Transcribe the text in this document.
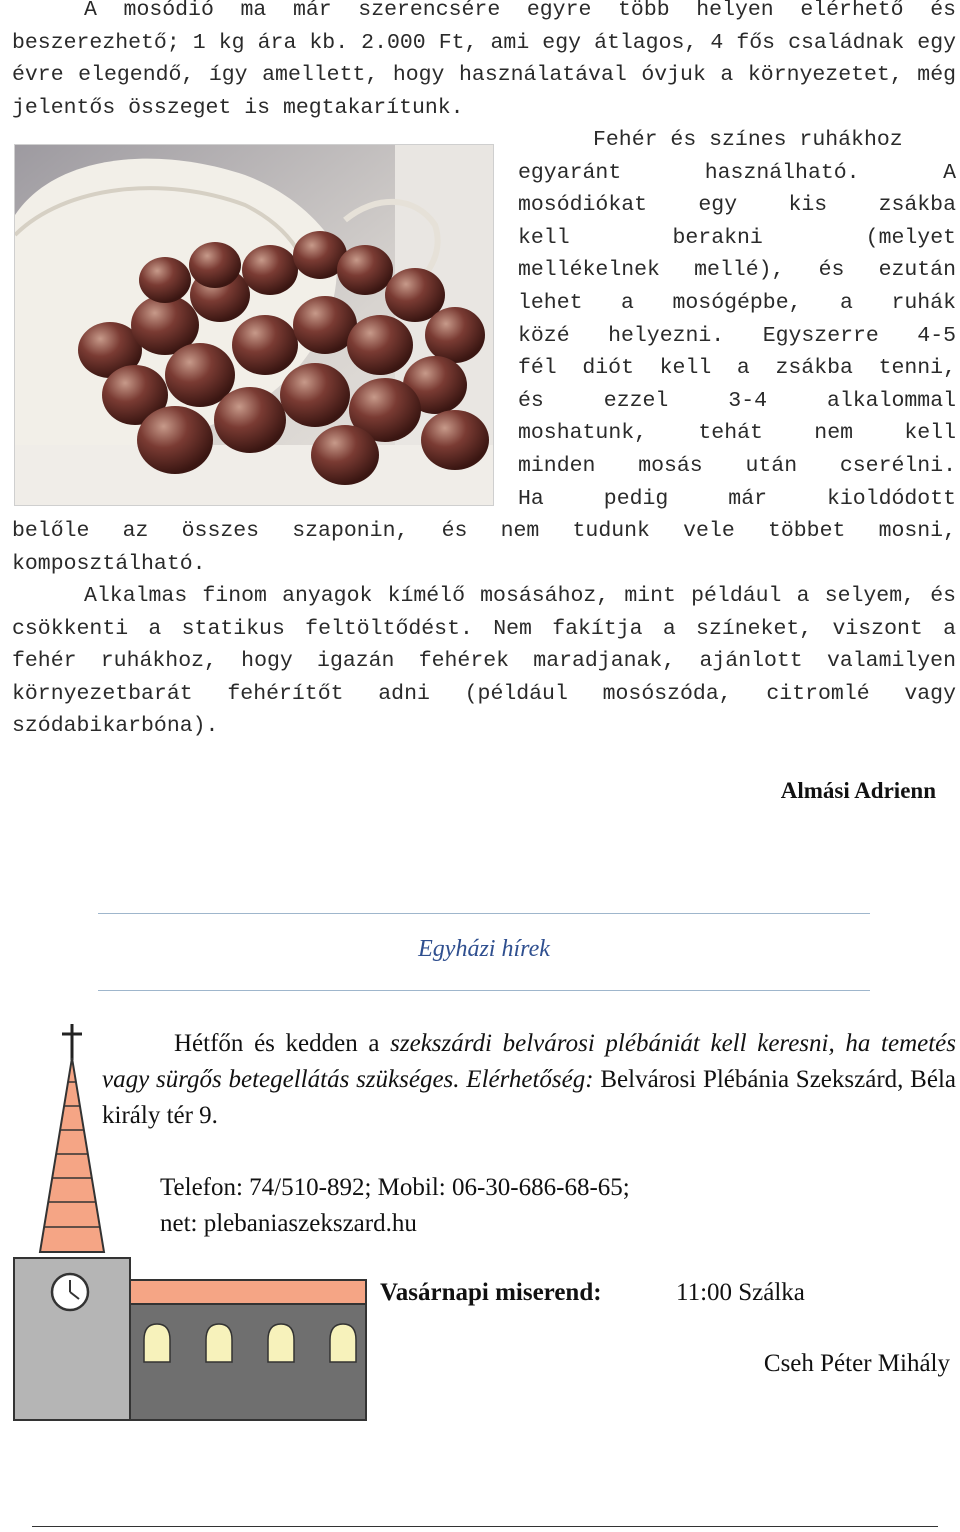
A mosódió ma már szerencsére egyre több helyen elérhető és beszerezhető; 1 kg ára kb. 2.000 Ft, ami egy átlagos, 4 fős családnak egy évre elegendő, így amellett, hogy használatával óvjuk a környezetet, még jelentős összeget is megtakarítunk.

Fehér és színes ruhákhoz
egyaránt használható. A
mosódiókat egy kis zsákba
kell berakni (melyet
mellékelnek mellé), és ezután
lehet a mosógépbe, a ruhák
közé helyezni. Egyszerre 4-5
fél diót kell a zsákba tenni,
és ezzel 3-4 alkalommal
moshatunk, tehát nem kell
minden mosás után cserélni.
Ha pedig már kioldódott

belőle az összes szaponin, és nem tudunk vele többet mosni, komposztálható.

Alkalmas finom anyagok kímélő mosásához, mint például a selyem, és csökkenti a statikus feltöltődést. Nem fakítja a színeket, viszont a fehér ruhákhoz, hogy igazán fehérek maradjanak, ajánlott valamilyen környezetbarát fehérítőt adni (például mosószóda, citromlé vagy szódabikarbóna).

Almási Adrienn
Egyházi hírek
Hétfőn és kedden a szekszárdi belvárosi plébániát kell keresni, ha temetés vagy sürgős betegellátás szükséges. Elérhetőség: Belvárosi Plébánia Szekszárd, Béla király tér 9.
Telefon: 74/510-892; Mobil: 06-30-686-68-65;
net: plebaniaszekszard.hu
Vasárnapi miserend:	11:00 Szálka
Cseh Péter Mihály
